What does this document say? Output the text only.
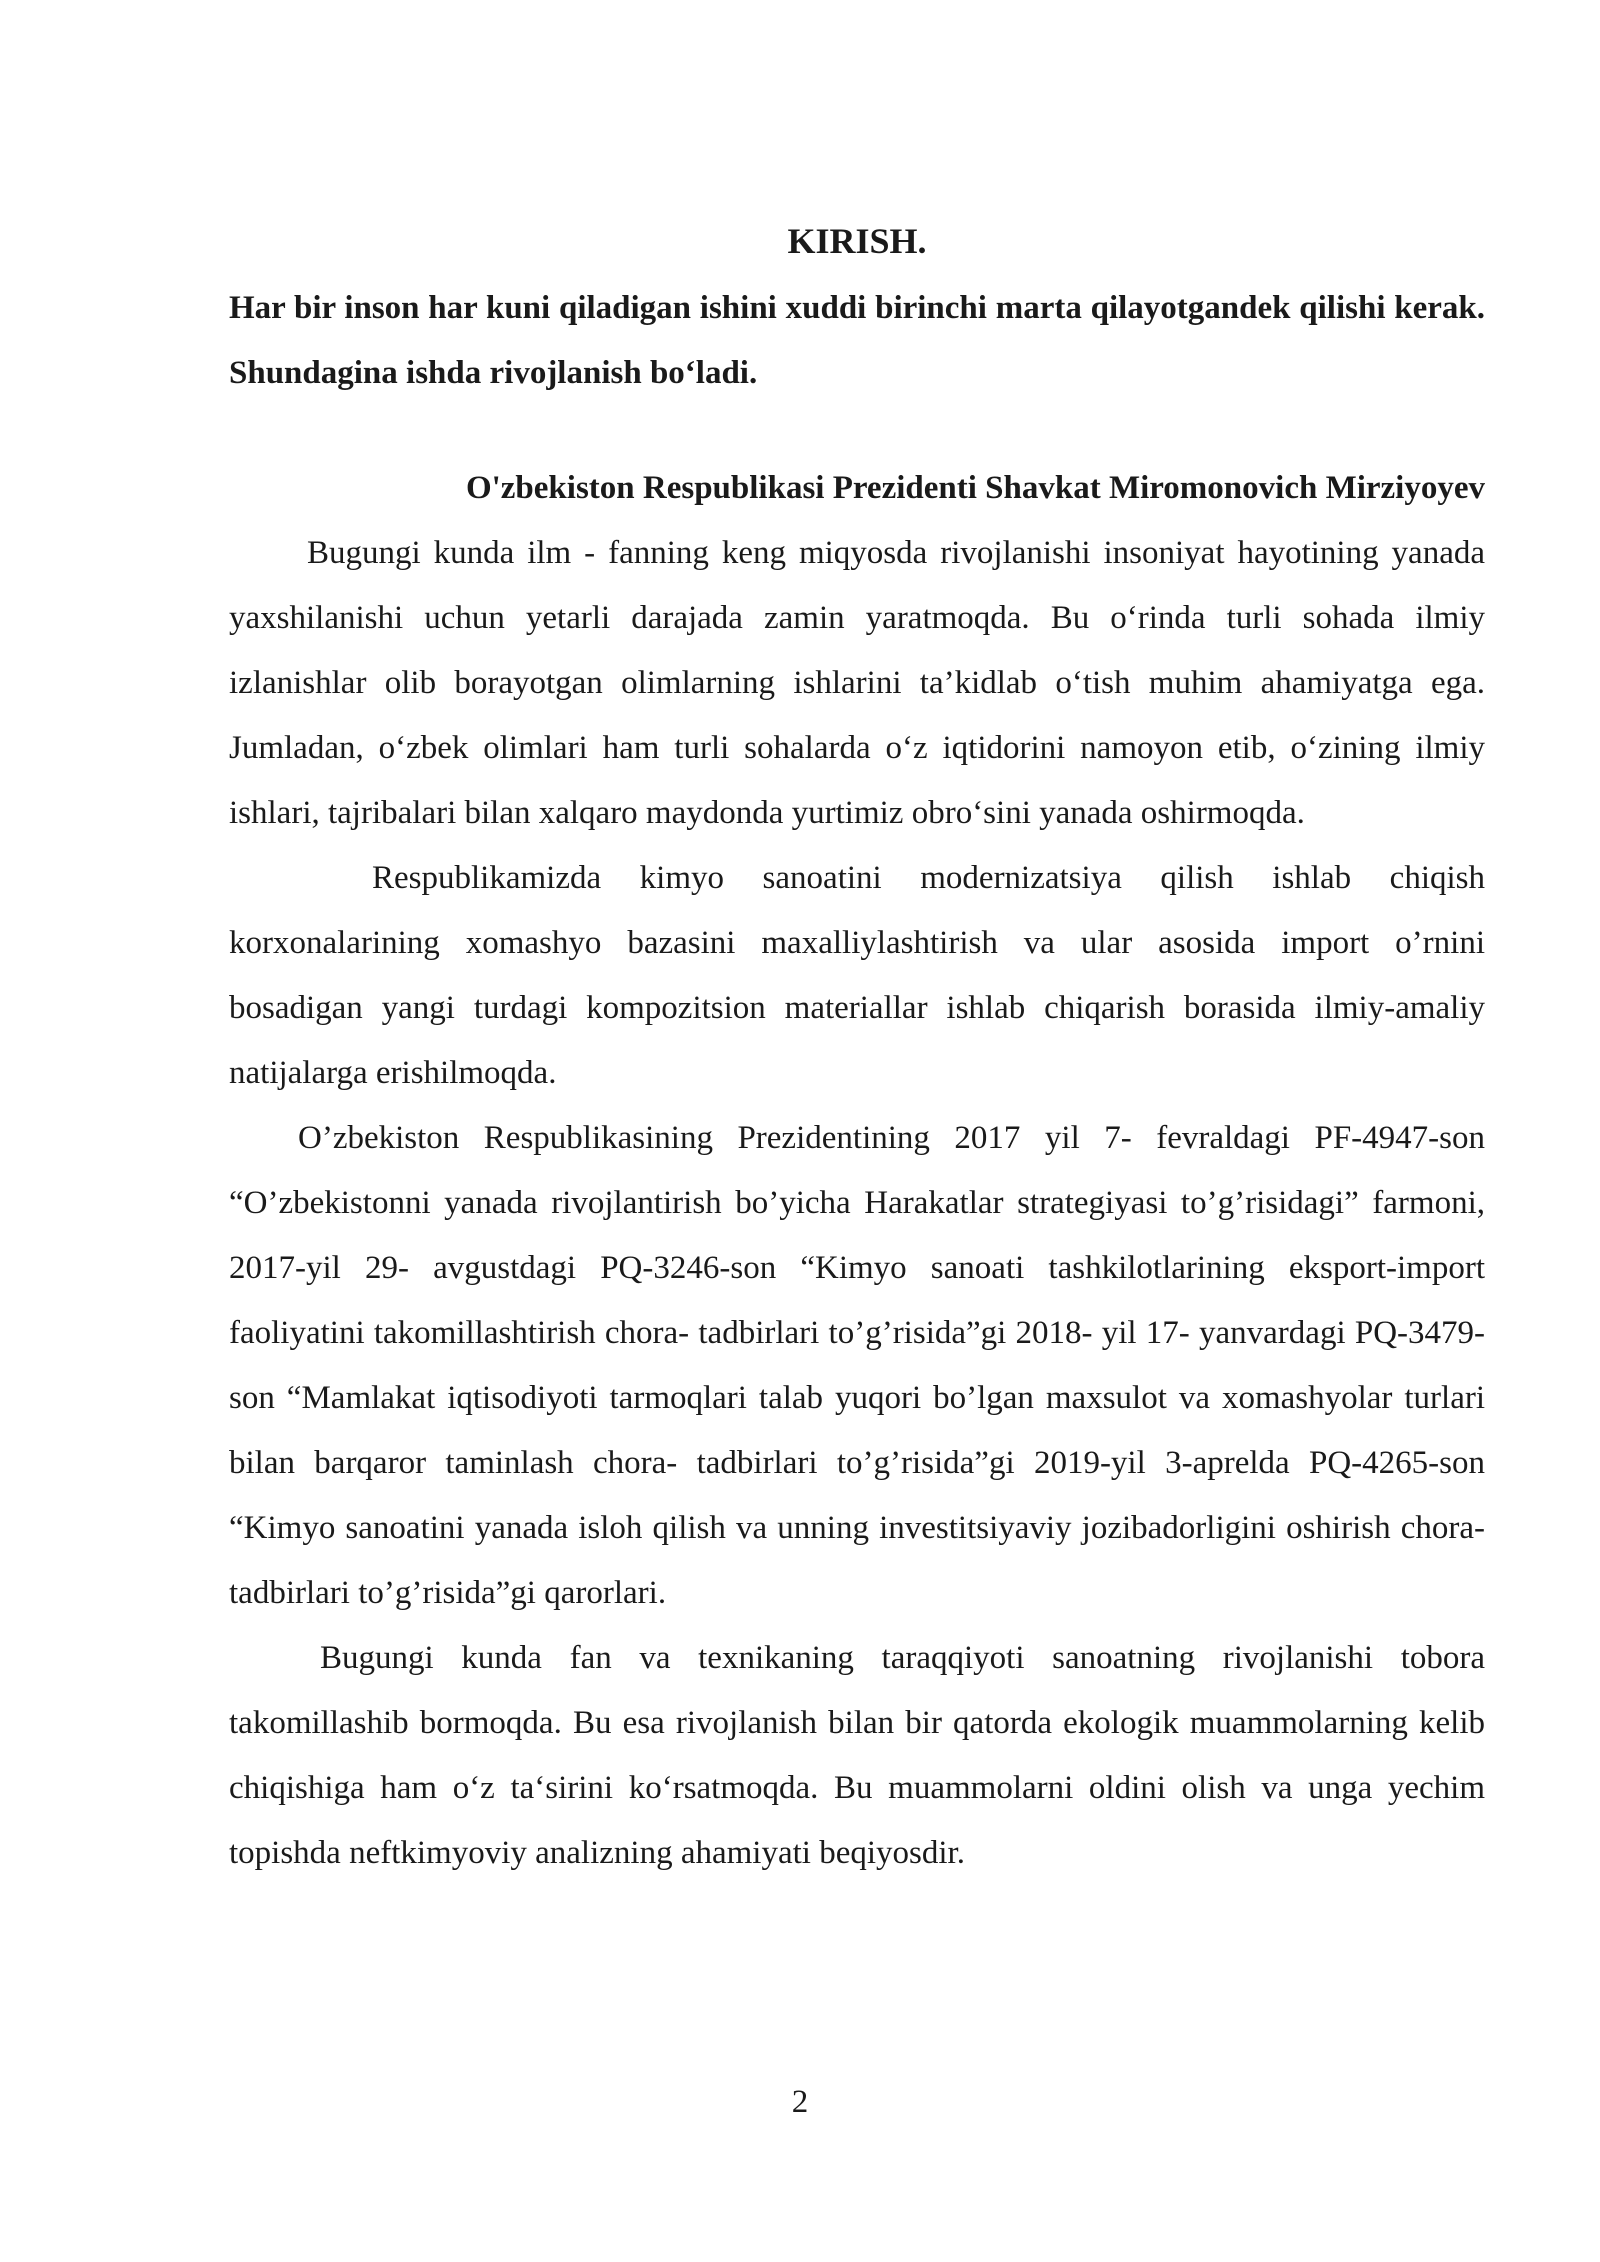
KIRISH.

Har bir inson har kuni qiladigan ishini xuddi birinchi marta qilayotgandek qilishi kerak. Shundagina ishda rivojlanish bo‘ladi.

O'zbekiston Respublikasi Prezidenti Shavkat Miromonovich Mirziyoyev

Bugungi kunda ilm - fanning keng miqyosda rivojlanishi insoniyat hayotining yanada yaxshilanishi uchun yetarli darajada zamin yaratmoqda. Bu o‘rinda turli sohada ilmiy izlanishlar olib borayotgan olimlarning ishlarini ta’kidlab o‘tish muhim ahamiyatga ega. Jumladan, o‘zbek olimlari ham turli sohalarda o‘z iqtidorini namoyon etib, o‘zining ilmiy ishlari, tajribalari bilan xalqaro maydonda yurtimiz obro‘sini yanada oshirmoqda.

Respublikamizda kimyo sanoatini modernizatsiya qilish ishlab chiqish korxonalarining xomashyo bazasini maxalliylashtirish va ular asosida import o’rnini bosadigan yangi turdagi kompozitsion materiallar ishlab chiqarish borasida ilmiy-amaliy natijalarga erishilmoqda.

O’zbekiston Respublikasining Prezidentining 2017 yil 7- fevraldagi PF-4947-son “O’zbekistonni yanada rivojlantirish bo’yicha Harakatlar strategiyasi to’g’risidagi” farmoni, 2017-yil 29- avgustdagi PQ-3246-son “Kimyo sanoati tashkilotlarining eksport-import faoliyatini takomillashtirish chora- tadbirlari to’g’risida”gi 2018- yil 17- yanvardagi PQ-3479-son “Mamlakat iqtisodiyoti tarmoqlari talab yuqori bo’lgan maxsulot va xomashyolar turlari bilan barqaror taminlash chora- tadbirlari to’g’risida”gi 2019-yil 3-aprelda PQ-4265-son “Kimyo sanoatini yanada isloh qilish va unning investitsiyaviy jozibadorligini oshirish chora- tadbirlari to’g’risida”gi qarorlari.

Bugungi kunda fan va texnikaning taraqqiyoti sanoatning rivojlanishi tobora takomillashib bormoqda. Bu esa rivojlanish bilan bir qatorda ekologik muammolarning kelib chiqishiga ham o‘z ta‘sirini ko‘rsatmoqda. Bu muammolarni oldini olish va unga yechim topishda neftkimyoviy analizning ahamiyati beqiyosdir.

2
